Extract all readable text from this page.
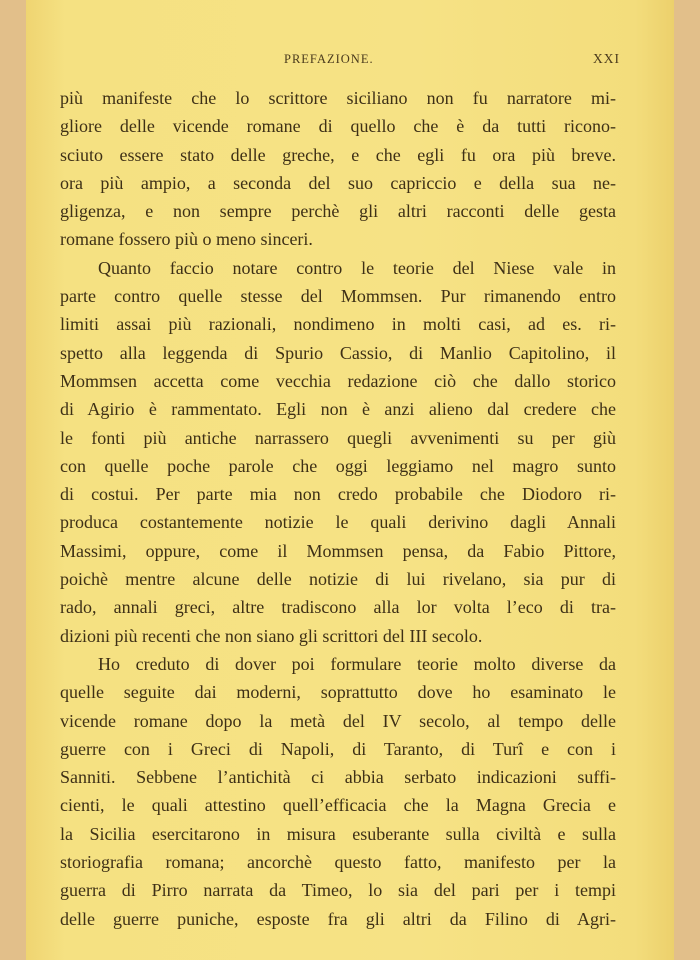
PREFAZIONE.	XXI
più manifeste che lo scrittore siciliano non fu narratore mi-
gliore delle vicende romane di quello che è da tutti ricono-
sciuto essere stato delle greche, e che egli fu ora più breve.
ora più ampio, a seconda del suo capriccio e della sua ne-
gligenza, e non sempre perchè gli altri racconti delle gesta
romane fossero più o meno sinceri.
Quanto faccio notare contro le teorie del Niese vale in
parte contro quelle stesse del Mommsen. Pur rimanendo entro
limiti assai più razionali, nondimeno in molti casi, ad es. ri-
spetto alla leggenda di Spurio Cassio, di Manlio Capitolino, il
Mommsen accetta come vecchia redazione ciò che dallo storico
di Agirio è rammentato. Egli non è anzi alieno dal credere che
le fonti più antiche narrassero quegli avvenimenti su per giù
con quelle poche parole che oggi leggiamo nel magro sunto
di costui. Per parte mia non credo probabile che Diodoro ri-
produca costantemente notizie le quali derivino dagli Annali
Massimi, oppure, come il Mommsen pensa, da Fabio Pittore,
poichè mentre alcune delle notizie di lui rivelano, sia pur di
rado, annali greci, altre tradiscono alla lor volta l’eco di tra-
dizioni più recenti che non siano gli scrittori del III secolo.
Ho creduto di dover poi formulare teorie molto diverse da
quelle seguite dai moderni, soprattutto dove ho esaminato le
vicende romane dopo la metà del IV secolo, al tempo delle
guerre con i Greci di Napoli, di Taranto, di Turî e con i
Sanniti. Sebbene l’antichità ci abbia serbato indicazioni suffi-
cienti, le quali attestino quell’efficacia che la Magna Grecia e
la Sicilia esercitarono in misura esuberante sulla civiltà e sulla
storiografia romana; ancorchè questo fatto, manifesto per la
guerra di Pirro narrata da Timeo, lo sia del pari per i tempi
delle guerre puniche, esposte fra gli altri da Filino di Agri-
